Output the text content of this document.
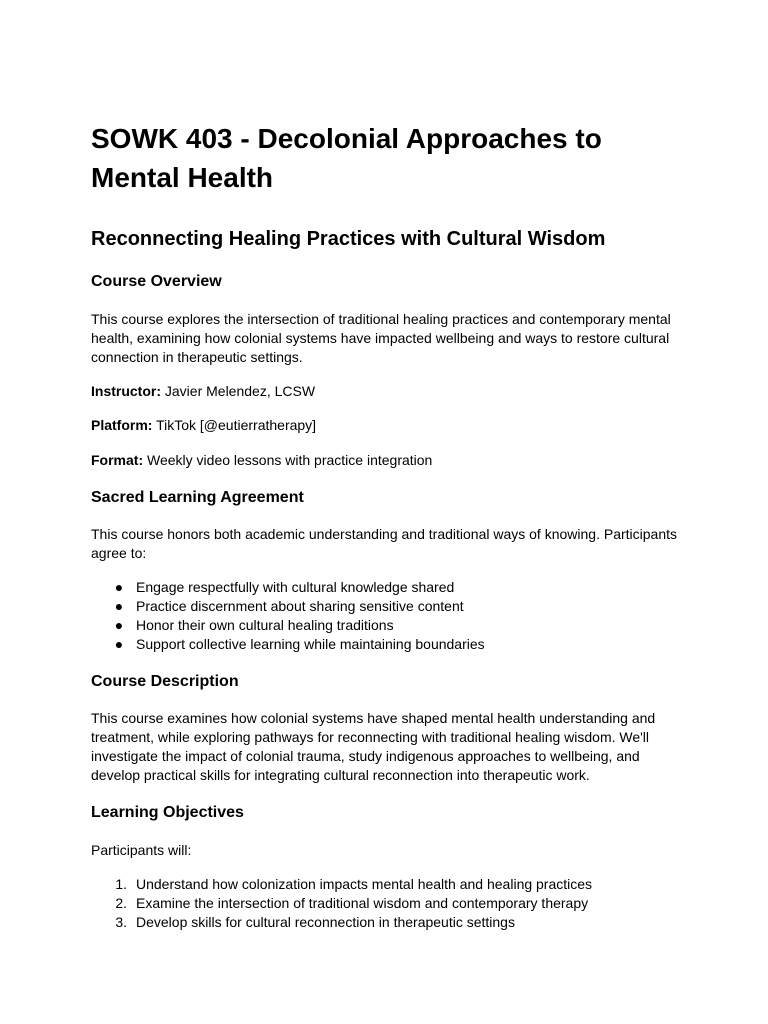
SOWK 403 - Decolonial Approaches to Mental Health
Reconnecting Healing Practices with Cultural Wisdom
Course Overview

This course explores the intersection of traditional healing practices and contemporary mental health, examining how colonial systems have impacted wellbeing and ways to restore cultural connection in therapeutic settings.

Instructor: Javier Melendez, LCSW

Platform: TikTok [@eutierratherapy]

Format: Weekly video lessons with practice integration

Sacred Learning Agreement

This course honors both academic understanding and traditional ways of knowing. Participants agree to:

● Engage respectfully with cultural knowledge shared
● Practice discernment about sharing sensitive content
● Honor their own cultural healing traditions
● Support collective learning while maintaining boundaries
Course Description

This course examines how colonial systems have shaped mental health understanding and treatment, while exploring pathways for reconnecting with traditional healing wisdom. We'll investigate the impact of colonial trauma, study indigenous approaches to wellbeing, and develop practical skills for integrating cultural reconnection into therapeutic work.

Learning Objectives

Participants will:

1. Understand how colonization impacts mental health and healing practices
2. Examine the intersection of traditional wisdom and contemporary therapy
3. Develop skills for cultural reconnection in therapeutic settings
